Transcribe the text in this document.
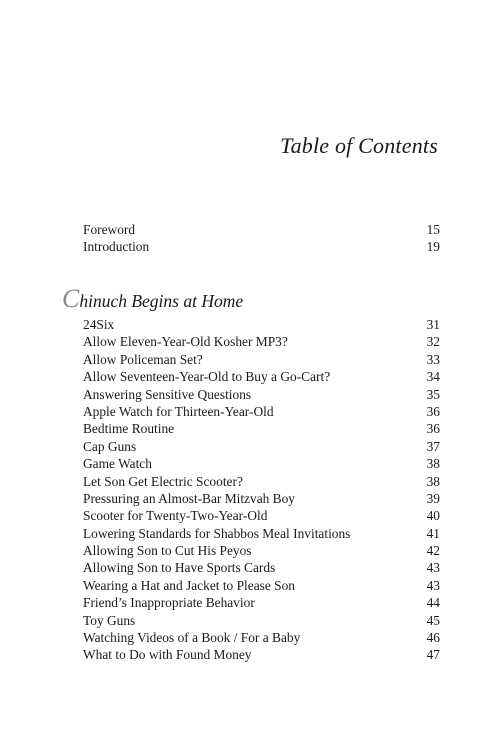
Table of Contents
Foreword	15
Introduction	19
Chinuch Begins at Home
24Six	31
Allow Eleven-Year-Old Kosher MP3?	32
Allow Policeman Set?	33
Allow Seventeen-Year-Old to Buy a Go-Cart?	34
Answering Sensitive Questions	35
Apple Watch for Thirteen-Year-Old	36
Bedtime Routine	36
Cap Guns	37
Game Watch	38
Let Son Get Electric Scooter?	38
Pressuring an Almost-Bar Mitzvah Boy	39
Scooter for Twenty-Two-Year-Old	40
Lowering Standards for Shabbos Meal Invitations	41
Allowing Son to Cut His Peyos	42
Allowing Son to Have Sports Cards	43
Wearing a Hat and Jacket to Please Son	43
Friend’s Inappropriate Behavior	44
Toy Guns	45
Watching Videos of a Book / For a Baby	46
What to Do with Found Money	47
